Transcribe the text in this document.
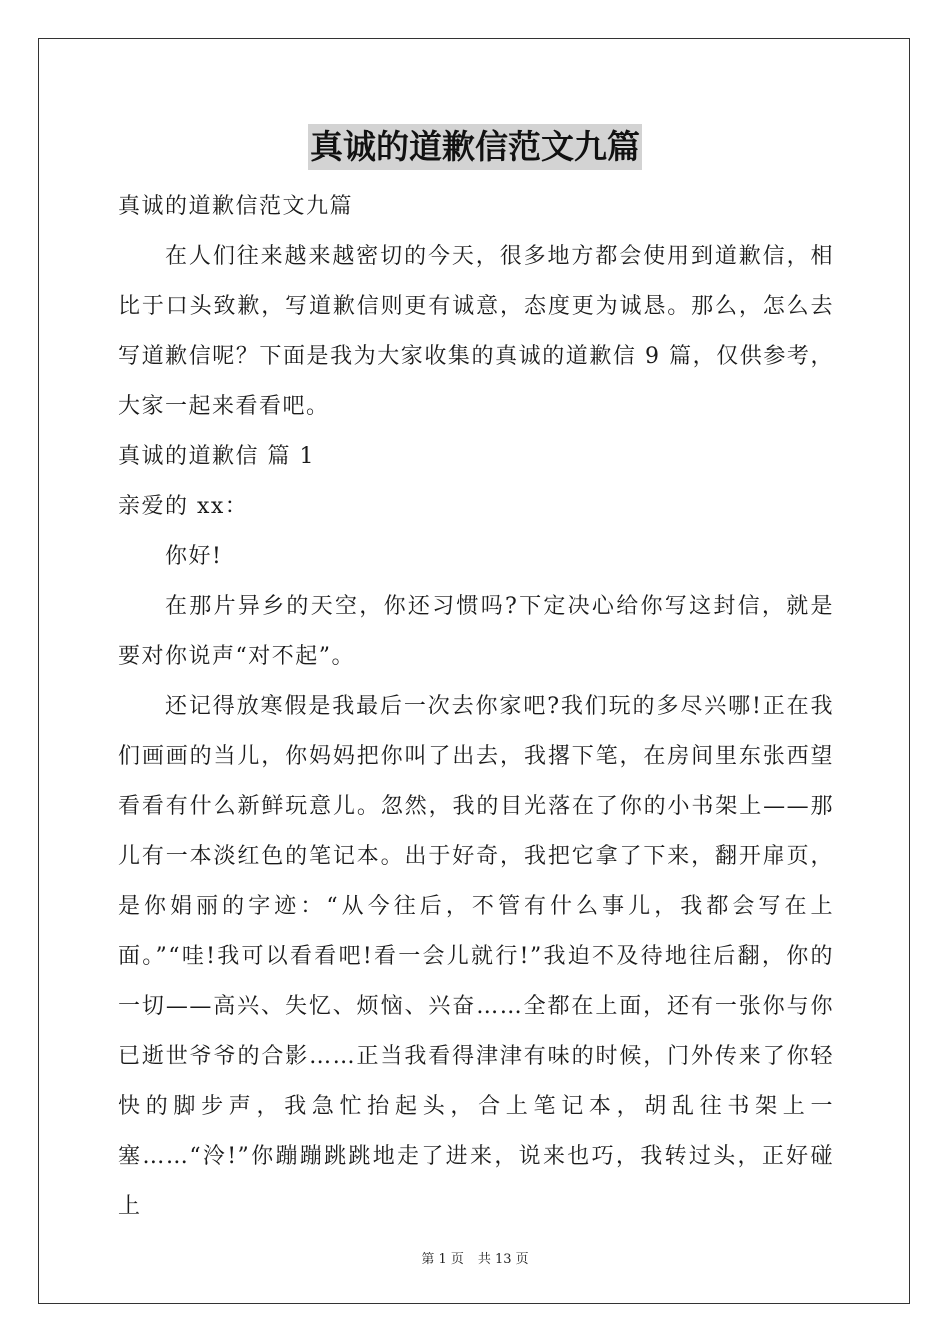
真诚的道歉信范文九篇

真诚的道歉信范文九篇

在人们往来越来越密切的今天，很多地方都会使用到道歉信，相比于口头致歉，写道歉信则更有诚意，态度更为诚恳。那么，怎么去写道歉信呢？下面是我为大家收集的真诚的道歉信 9 篇，仅供参考，大家一起来看看吧。

真诚的道歉信 篇 1

亲爱的 xx：

你好!

在那片异乡的天空，你还习惯吗?下定决心给你写这封信，就是要对你说声“对不起”。

还记得放寒假是我最后一次去你家吧?我们玩的多尽兴哪!正在我们画画的当儿，你妈妈把你叫了出去，我撂下笔，在房间里东张西望看看有什么新鲜玩意儿。忽然，我的目光落在了你的小书架上——那儿有一本淡红色的笔记本。出于好奇，我把它拿了下来，翻开扉页，是你娟丽的字迹：“从今往后，不管有什么事儿，我都会写在上面。”“哇!我可以看看吧!看一会儿就行!”我迫不及待地往后翻，你的一切——高兴、失忆、烦恼、兴奋……全都在上面，还有一张你与你已逝世爷爷的合影……正当我看得津津有味的时候，门外传来了你轻快的脚步声，我急忙抬起头，合上笔记本，胡乱往书架上一塞……“泠!”你蹦蹦跳跳地走了进来，说来也巧，我转过头，正好碰上

第 1 页 共 13 页
